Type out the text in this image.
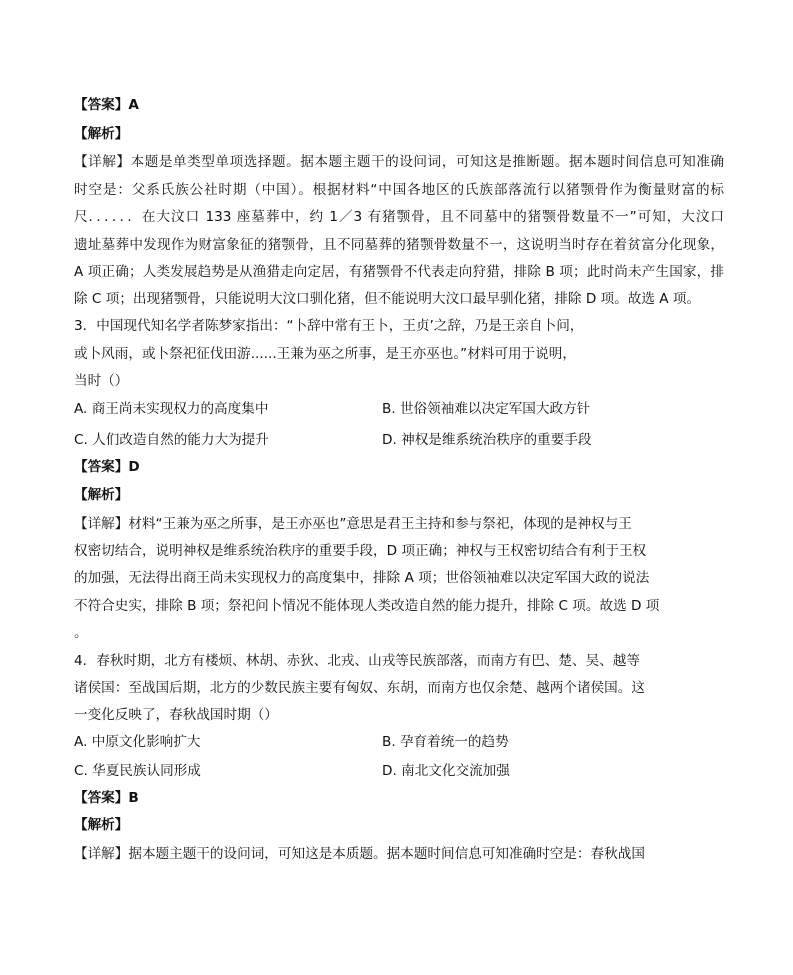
【答案】A
【解析】
【详解】本题是单类型单项选择题。据本题主题干的设问词，可知这是推断题。据本题时间信息可知准确
时空是：父系氏族公社时期（中国）。根据材料“中国各地区的氏族部落流行以猪颚骨作为衡量财富的标
尺．．．．．．在大汶口 133 座墓葬中，约 1／3 有猪颚骨，且不同墓中的猪颚骨数量不一”可知，大汶口
遗址墓葬中发现作为财富象征的猪颚骨，且不同墓葬的猪颚骨数量不一，这说明当时存在着贫富分化现象，
A 项正确；人类发展趋势是从渔猎走向定居，有猪颚骨不代表走向狩猎，排除 B 项；此时尚未产生国家，排
除 C 项；出现猪颚骨，只能说明大汶口驯化猪，但不能说明大汶口最早驯化猪，排除 D 项。故选 A 项。
3．中国现代知名学者陈梦家指出：“卜辞中常有王卜，王贞’之辞，乃是王亲自卜问，
或卜风雨，或卜祭祀征伐田游......王兼为巫之所事，是王亦巫也。”材料可用于说明，
当时（）
A. 商王尚未实现权力的高度集中	B. 世俗领袖难以决定军国大政方针
C. 人们改造自然的能力大为提升	D. 神权是维系统治秩序的重要手段
【答案】D
【解析】
【详解】材料“王兼为巫之所事，是王亦巫也”意思是君王主持和参与祭祀，体现的是神权与王
权密切结合，说明神权是维系统治秩序的重要手段，D 项正确；神权与王权密切结合有利于王权
的加强，无法得出商王尚未实现权力的高度集中，排除 A 项；世俗领袖难以决定军国大政的说法
不符合史实，排除 B 项；祭祀问卜情况不能体现人类改造自然的能力提升，排除 C 项。故选 D 项
。
4．春秋时期，北方有楼烦、林胡、赤狄、北戎、山戎等民族部落，而南方有巴、楚、吴、越等
诸侯国：至战国后期，北方的少数民族主要有匈奴、东胡，而南方也仅余楚、越两个诸侯国。这
一变化反映了，春秋战国时期（）
A. 中原文化影响扩大	B. 孕育着统一的趋势
C. 华夏民族认同形成	D. 南北文化交流加强
【答案】B
【解析】
【详解】据本题主题干的设问词，可知这是本质题。据本题时间信息可知准确时空是：春秋战国
